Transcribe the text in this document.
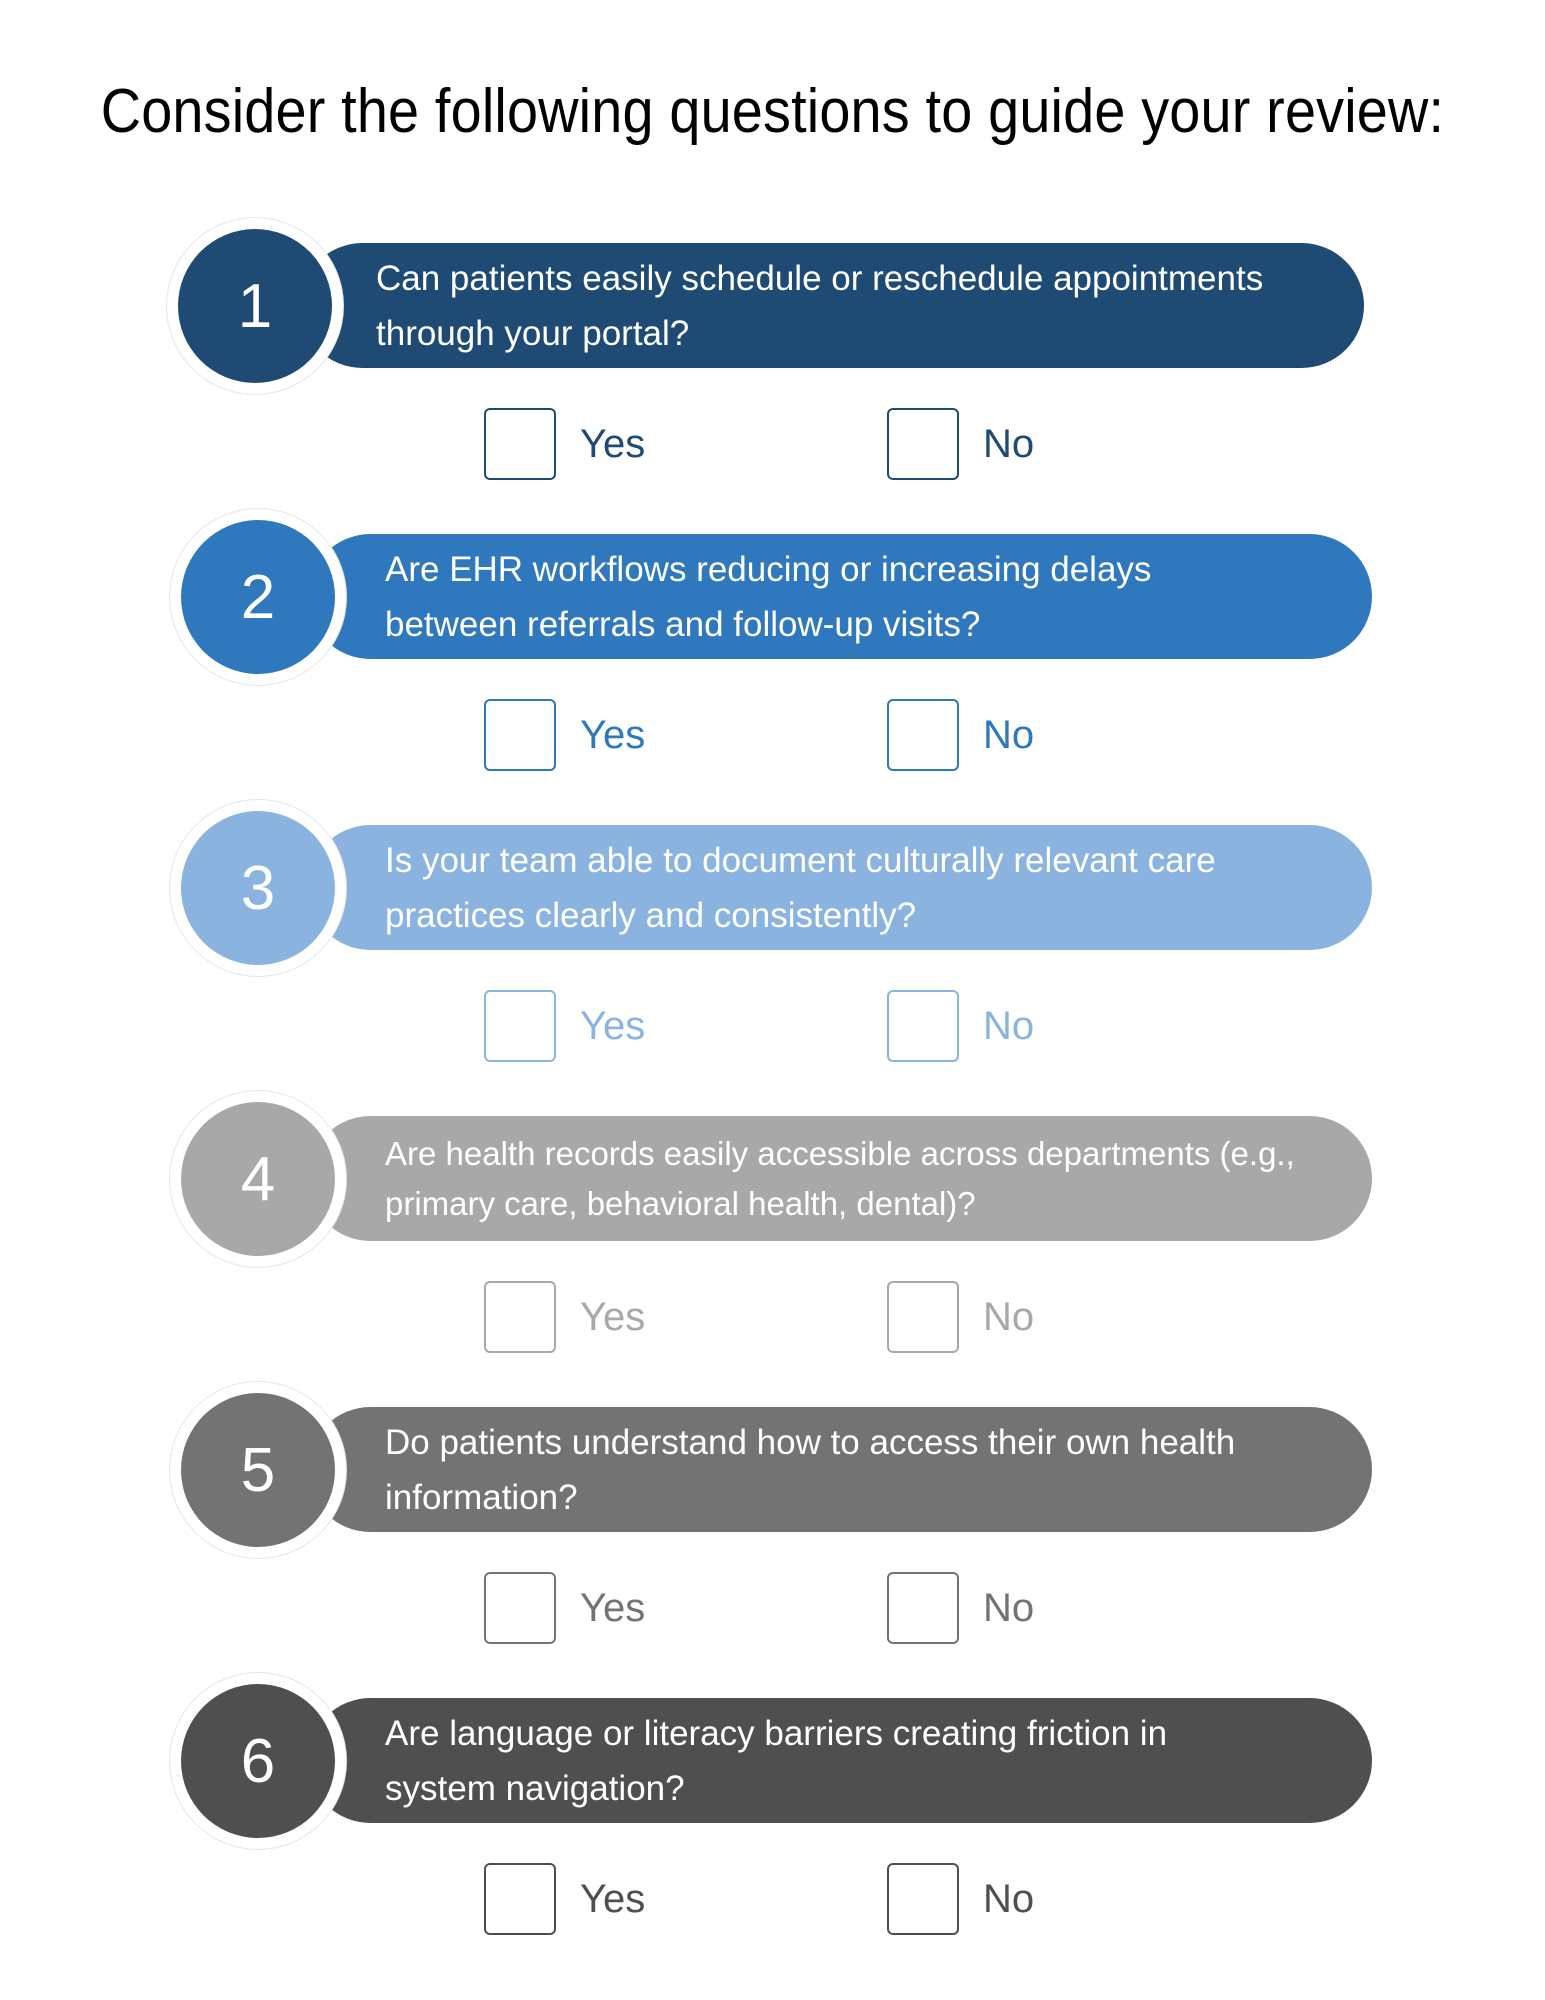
Consider the following questions to guide your review:
Can patients easily schedule or reschedule appointments
through your portal?
1
Yes	No
Are EHR workflows reducing or increasing delays
between referrals and follow-up visits?
2
Yes	No
Is your team able to document culturally relevant care
practices clearly and consistently?
3
Yes	No
Are health records easily accessible across departments (e.g.,
primary care, behavioral health, dental)?
4
Yes	No
Do patients understand how to access their own health
information?
5
Yes	No
Are language or literacy barriers creating friction in
system navigation?
6
Yes	No
